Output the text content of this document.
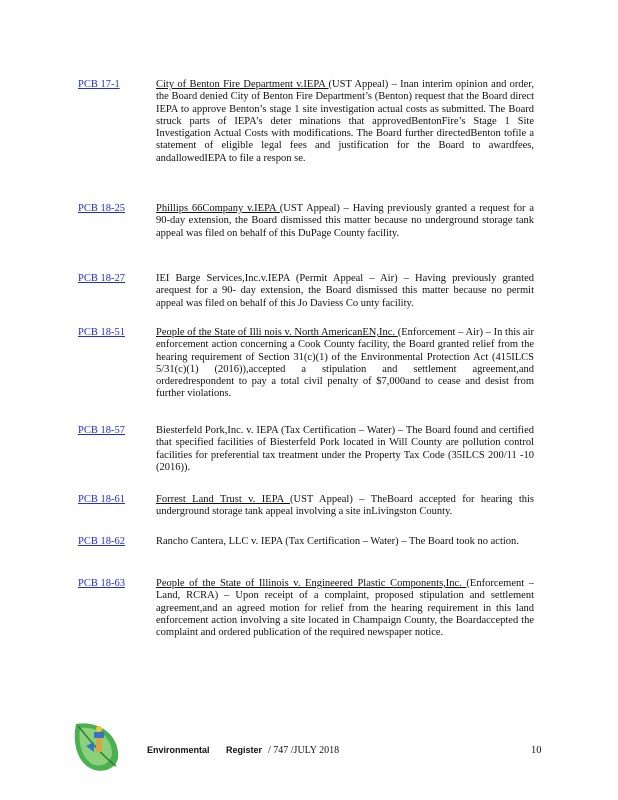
PCB 17-1	City of Benton Fire Department v.IEPA (UST Appeal) – Inan interim opinion and order, the Board denied City of Benton Fire Department’s (Benton) request that the Board direct IEPA to approve Benton’s stage 1 site investigation actual costs as submitted. The Board struck parts of IEPA’s deter minations that approvedBentonFire’s Stage 1 Site Investigation Actual Costs with modifications. The Board further directedBenton tofile a statement of eligible legal fees and justification for the Board to awardfees, andallowedIEPA to file a respon se.
PCB 18-25	Phillips 66Company v.IEPA (UST Appeal) – Having previously granted a request for a 90-day extension, the Board dismissed this matter because no underground storage tank appeal was filed on behalf of this DuPage County facility.
PCB 18-27	IEI Barge Services,Inc.v.IEPA (Permit Appeal – Air) – Having previously granted arequest for a 90- day extension, the Board dismissed this matter because no permit appeal was filed on behalf of this Jo Daviess Co unty facility.
PCB 18-51	People of the State of Illi nois v. North AmericanEN,Inc. (Enforcement – Air) – In this air enforcement action concerning a Cook County facility, the Board granted relief from the hearing requirement of Section 31(c)(1) of the Environmental Protection Act (415ILCS 5/31(c)(1) (2016)),accepted a stipulation and settlement agreement,and orderedrespondent to pay a total civil penalty of $7,000and to cease and desist from further violations.
PCB 18-57	Biesterfeld Pork,Inc. v. IEPA (Tax Certification – Water) – The Board found and certified that specified facilities of Biesterfeld Pork located in Will County are pollution control facilities for preferential tax treatment under the Property Tax Code (35ILCS 200/11 -10 (2016)).
PCB 18-61	Forrest Land Trust v. IEPA (UST Appeal) – TheBoard accepted for hearing this underground storage tank appeal involving a site inLivingston County.
PCB 18-62	Rancho Cantera, LLC v. IEPA (Tax Certification – Water) – The Board took no action.
PCB 18-63	People of the State of Illinois v. Engineered Plastic Components,Inc. (Enforcement – Land, RCRA) – Upon receipt of a complaint, proposed stipulation and settlement agreement,and an agreed motion for relief from the hearing requirement in this land enforcement action involving a site located in Champaign County, the Boardaccepted the complaint and ordered publication of the required newspaper notice.
Environmental Register / 747 /JULY 2018	10
